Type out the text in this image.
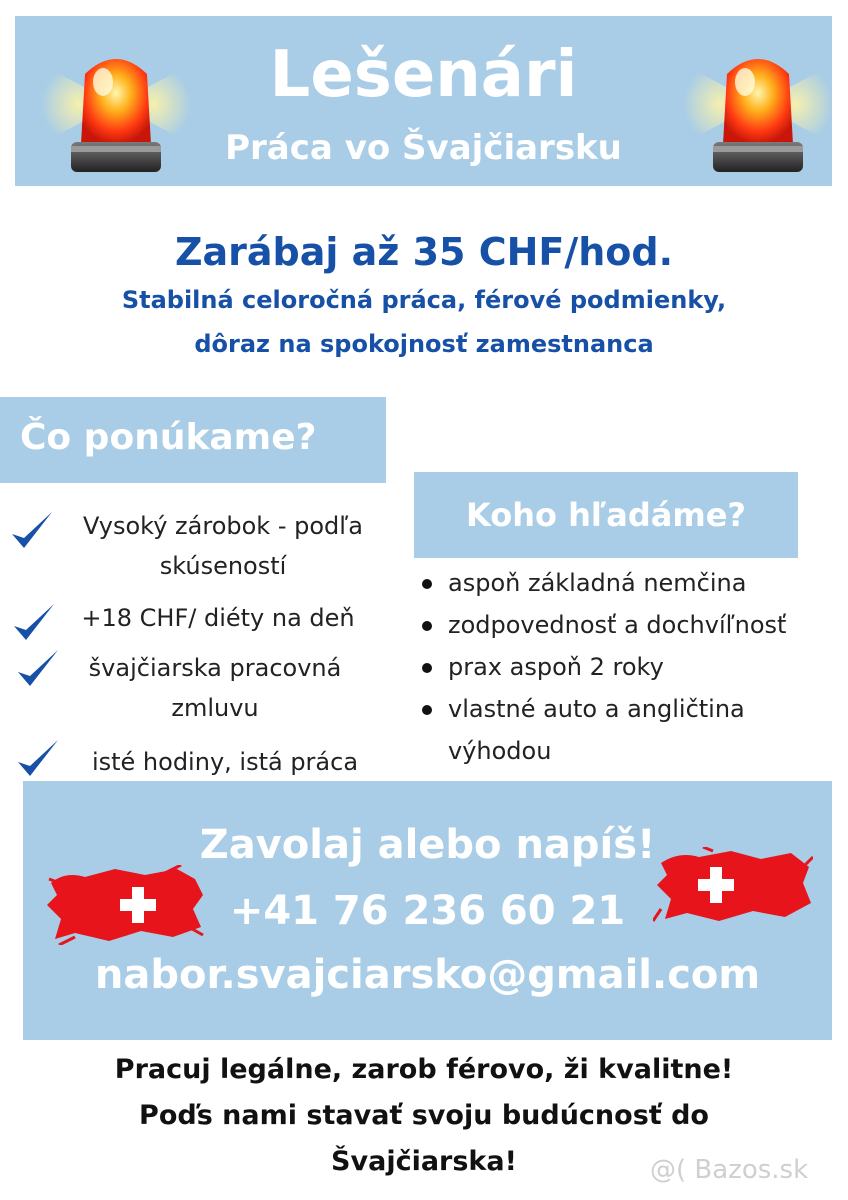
Lešenári
Práca vo Švajčiarsku
Zarábaj až 35 CHF/hod.
Stabilná celoročná práca, férové podmienky,
dôraz na spokojnosť zamestnanca
Čo ponúkame?
Vysoký zárobok - podľa
skúseností
+18 CHF/ diéty na deň
švajčiarska pracovná
zmluvu
isté hodiny, istá práca
Koho hľadáme?
aspoň základná nemčina
zodpovednosť a dochvíľnosť
prax aspoň 2 roky
vlastné auto a angličtina výhodou
Zavolaj alebo napíš!
+41 76 236 60 21
nabor.svajciarsko@gmail.com
Pracuj legálne, zarob férovo, ži kvalitne!
Poďs nami stavať svoju budúcnosť do
Švajčiarska!	@( Bazos.sk
